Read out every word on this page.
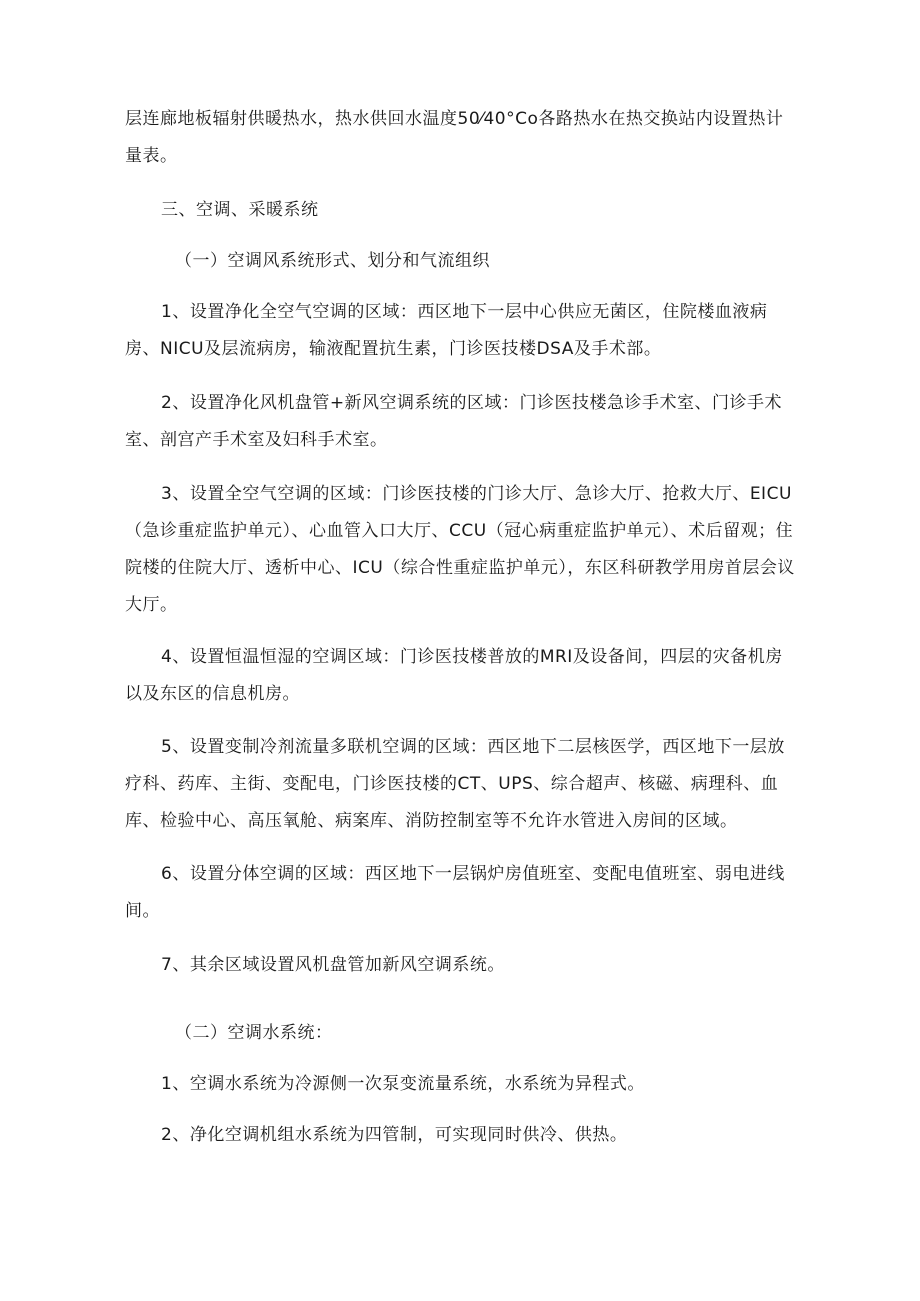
层连廊地板辐射供暖热水，热水供回水温度50⁄40°Co各路热水在热交换站内设置热计量表。

三、空调、采暖系统

（一）空调风系统形式、划分和气流组织

1、设置净化全空气空调的区域：西区地下一层中心供应无菌区，住院楼血液病房、NICU及层流病房，输液配置抗生素，门诊医技楼DSA及手术部。

2、设置净化风机盘管+新风空调系统的区域：门诊医技楼急诊手术室、门诊手术室、剖宫产手术室及妇科手术室。

3、设置全空气空调的区域：门诊医技楼的门诊大厅、急诊大厅、抢救大厅、EICU（急诊重症监护单元）、心血管入口大厅、CCU（冠心病重症监护单元）、术后留观；住院楼的住院大厅、透析中心、ICU（综合性重症监护单元），东区科研教学用房首层会议大厅。

4、设置恒温恒湿的空调区域：门诊医技楼普放的MRI及设备间，四层的灾备机房以及东区的信息机房。

5、设置变制冷剂流量多联机空调的区域：西区地下二层核医学，西区地下一层放疗科、药库、主街、变配电，门诊医技楼的CT、UPS、综合超声、核磁、病理科、血库、检验中心、高压氧舱、病案库、消防控制室等不允许水管进入房间的区域。

6、设置分体空调的区域：西区地下一层锅炉房值班室、变配电值班室、弱电进线间。

7、其余区域设置风机盘管加新风空调系统。

（二）空调水系统：

1、空调水系统为冷源侧一次泵变流量系统，水系统为异程式。

2、净化空调机组水系统为四管制，可实现同时供冷、供热。
